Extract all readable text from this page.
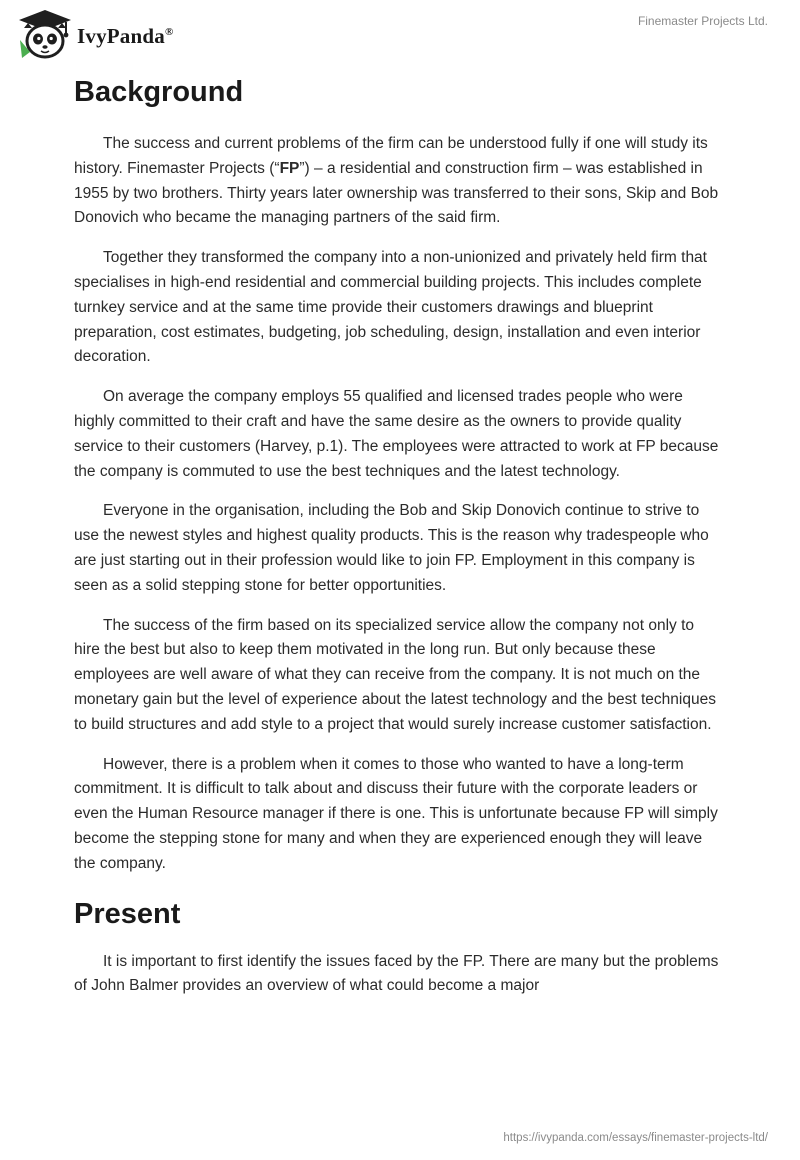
IvyPanda®
Finemaster Projects Ltd.
Background

The success and current problems of the firm can be understood fully if one will study its history. Finemaster Projects (“FP”) – a residential and construction firm – was established in 1955 by two brothers. Thirty years later ownership was transferred to their sons, Skip and Bob Donovich who became the managing partners of the said firm.

Together they transformed the company into a non-unionized and privately held firm that specialises in high-end residential and commercial building projects. This includes complete turnkey service and at the same time provide their customers drawings and blueprint preparation, cost estimates, budgeting, job scheduling, design, installation and even interior decoration.

On average the company employs 55 qualified and licensed trades people who were highly committed to their craft and have the same desire as the owners to provide quality service to their customers (Harvey, p.1). The employees were attracted to work at FP because the company is commuted to use the best techniques and the latest technology.

Everyone in the organisation, including the Bob and Skip Donovich continue to strive to use the newest styles and highest quality products. This is the reason why tradespeople who are just starting out in their profession would like to join FP. Employment in this company is seen as a solid stepping stone for better opportunities.

The success of the firm based on its specialized service allow the company not only to hire the best but also to keep them motivated in the long run. But only because these employees are well aware of what they can receive from the company. It is not much on the monetary gain but the level of experience about the latest technology and the best techniques to build structures and add style to a project that would surely increase customer satisfaction.

However, there is a problem when it comes to those who wanted to have a long-term commitment. It is difficult to talk about and discuss their future with the corporate leaders or even the Human Resource manager if there is one. This is unfortunate because FP will simply become the stepping stone for many and when they are experienced enough they will leave the company.

Present

It is important to first identify the issues faced by the FP. There are many but the problems of John Balmer provides an overview of what could become a major

https://ivypanda.com/essays/finemaster-projects-ltd/
